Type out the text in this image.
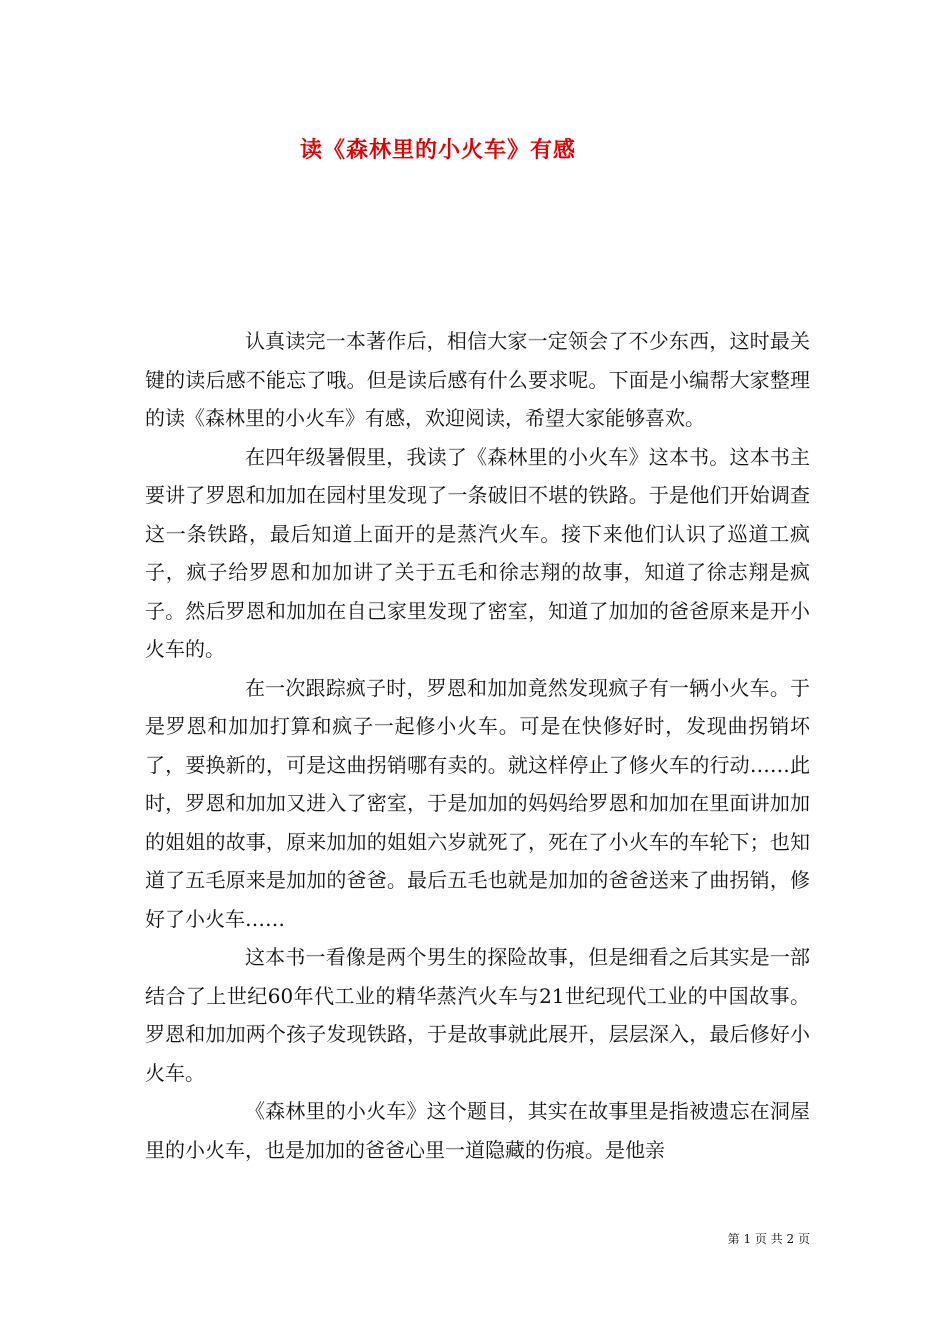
读《森林里的小火车》有感

认真读完一本著作后，相信大家一定领会了不少东西，这时最关键的读后感不能忘了哦。但是读后感有什么要求呢。下面是小编帮大家整理的读《森林里的小火车》有感，欢迎阅读，希望大家能够喜欢。

在四年级暑假里，我读了《森林里的小火车》这本书。这本书主要讲了罗恩和加加在园村里发现了一条破旧不堪的铁路。于是他们开始调查这一条铁路，最后知道上面开的是蒸汽火车。接下来他们认识了巡道工疯子，疯子给罗恩和加加讲了关于五毛和徐志翔的故事，知道了徐志翔是疯子。然后罗恩和加加在自己家里发现了密室，知道了加加的爸爸原来是开小火车的。

在一次跟踪疯子时，罗恩和加加竟然发现疯子有一辆小火车。于是罗恩和加加打算和疯子一起修小火车。可是在快修好时，发现曲拐销坏了，要换新的，可是这曲拐销哪有卖的。就这样停止了修火车的行动……此时，罗恩和加加又进入了密室，于是加加的妈妈给罗恩和加加在里面讲加加的姐姐的故事，原来加加的姐姐六岁就死了，死在了小火车的车轮下；也知道了五毛原来是加加的爸爸。最后五毛也就是加加的爸爸送来了曲拐销，修好了小火车……

这本书一看像是两个男生的探险故事，但是细看之后其实是一部结合了上世纪60年代工业的精华蒸汽火车与21世纪现代工业的中国故事。罗恩和加加两个孩子发现铁路，于是故事就此展开，层层深入，最后修好小火车。

《森林里的小火车》这个题目，其实在故事里是指被遗忘在洞屋里的小火车，也是加加的爸爸心里一道隐藏的伤痕。是他亲

第 1 页 共 2 页
